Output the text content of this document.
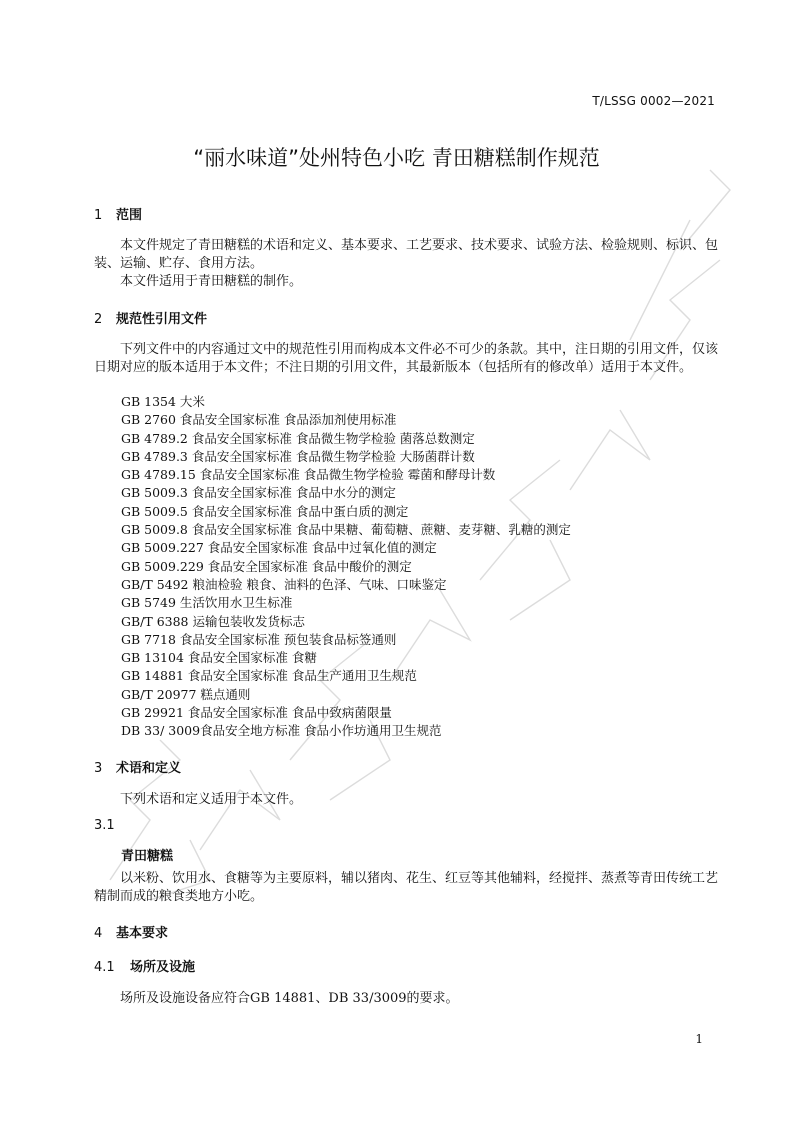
T/LSSG 0002—2021
“丽水味道”处州特色小吃 青田糖糕制作规范
1 范围
本文件规定了青田糖糕的术语和定义、基本要求、工艺要求、技术要求、试验方法、检验规则、标识、包装、运输、贮存、食用方法。
本文件适用于青田糖糕的制作。
2 规范性引用文件
下列文件中的内容通过文中的规范性引用而构成本文件必不可少的条款。其中，注日期的引用文件，仅该日期对应的版本适用于本文件；不注日期的引用文件，其最新版本（包括所有的修改单）适用于本文件。
GB 1354 大米
GB 2760 食品安全国家标准 食品添加剂使用标准
GB 4789.2 食品安全国家标准 食品微生物学检验 菌落总数测定
GB 4789.3 食品安全国家标准 食品微生物学检验 大肠菌群计数
GB 4789.15 食品安全国家标准 食品微生物学检验 霉菌和酵母计数
GB 5009.3 食品安全国家标准 食品中水分的测定
GB 5009.5 食品安全国家标准 食品中蛋白质的测定
GB 5009.8 食品安全国家标准 食品中果糖、葡萄糖、蔗糖、麦芽糖、乳糖的测定
GB 5009.227 食品安全国家标准 食品中过氧化值的测定
GB 5009.229 食品安全国家标准 食品中酸价的测定
GB/T 5492 粮油检验 粮食、油料的色泽、气味、口味鉴定
GB 5749 生活饮用水卫生标准
GB/T 6388 运输包装收发货标志
GB 7718 食品安全国家标准 预包装食品标签通则
GB 13104 食品安全国家标准 食糖
GB 14881 食品安全国家标准 食品生产通用卫生规范
GB/T 20977 糕点通则
GB 29921 食品安全国家标准 食品中致病菌限量
DB 33/ 3009食品安全地方标准 食品小作坊通用卫生规范
3 术语和定义
下列术语和定义适用于本文件。
3.1
青田糖糕
以米粉、饮用水、食糖等为主要原料，辅以猪肉、花生、红豆等其他辅料，经搅拌、蒸煮等青田传统工艺精制而成的粮食类地方小吃。
4 基本要求
4.1 场所及设施
场所及设施设备应符合GB 14881、DB 33/3009的要求。
1
